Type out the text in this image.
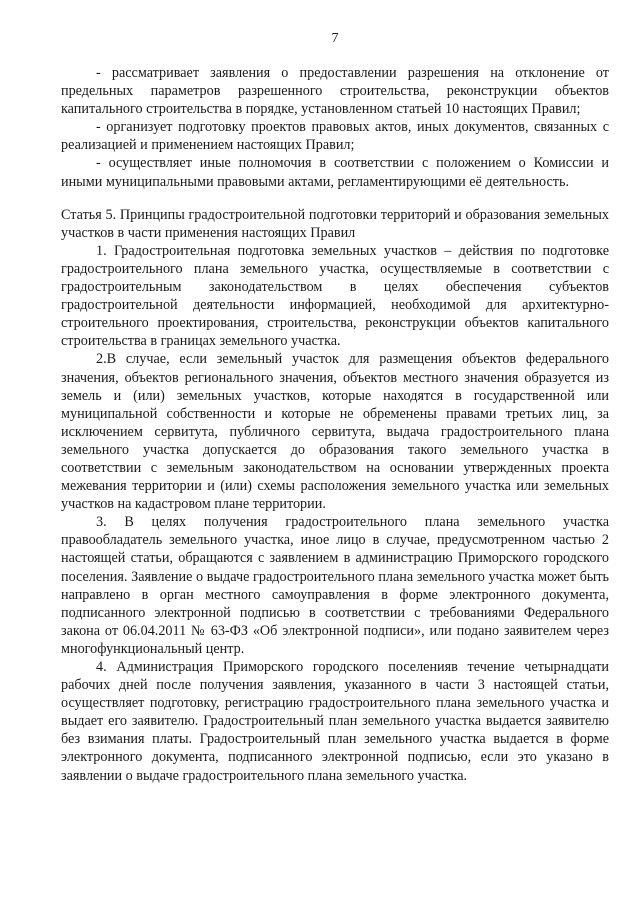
7

- рассматривает заявления о предоставлении разрешения на отклонение от предельных параметров разрешенного строительства, реконструкции объектов капитального строительства в порядке, установленном статьей 10 настоящих Правил;

- организует подготовку проектов правовых актов, иных документов, связанных с реализацией и применением настоящих Правил;

- осуществляет иные полномочия в соответствии с положением о Комиссии и иными муниципальными правовыми актами, регламентирующими её деятельность.

Статья 5. Принципы градостроительной подготовки территорий и образования земельных участков в части применения настоящих Правил

1. Градостроительная подготовка земельных участков – действия по подготовке градостроительного плана земельного участка, осуществляемые в соответствии с градостроительным законодательством в целях обеспечения субъектов градостроительной деятельности информацией, необходимой для архитектурно-строительного проектирования, строительства, реконструкции объектов капитального строительства в границах земельного участка.

2.В случае, если земельный участок для размещения объектов федерального значения, объектов регионального значения, объектов местного значения образуется из земель и (или) земельных участков, которые находятся в государственной или муниципальной собственности и которые не обременены правами третьих лиц, за исключением сервитута, публичного сервитута, выдача градостроительного плана земельного участка допускается до образования такого земельного участка в соответствии с земельным законодательством на основании утвержденных проекта межевания территории и (или) схемы расположения земельного участка или земельных участков на кадастровом плане территории.

3. В целях получения градостроительного плана земельного участка правообладатель земельного участка, иное лицо в случае, предусмотренном частью 2 настоящей статьи, обращаются с заявлением в администрацию Приморского городского поселения. Заявление о выдаче градостроительного плана земельного участка может быть направлено в орган местного самоуправления в форме электронного документа, подписанного электронной подписью в соответствии с требованиями Федерального закона от 06.04.2011 № 63-ФЗ «Об электронной подписи», или подано заявителем через многофункциональный центр.

4. Администрация Приморского городского поселенияв течение четырнадцати рабочих дней после получения заявления, указанного в части 3 настоящей статьи, осуществляет подготовку, регистрацию градостроительного плана земельного участка и выдает его заявителю. Градостроительный план земельного участка выдается заявителю без взимания платы. Градостроительный план земельного участка выдается в форме электронного документа, подписанного электронной подписью, если это указано в заявлении о выдаче градостроительного плана земельного участка.
